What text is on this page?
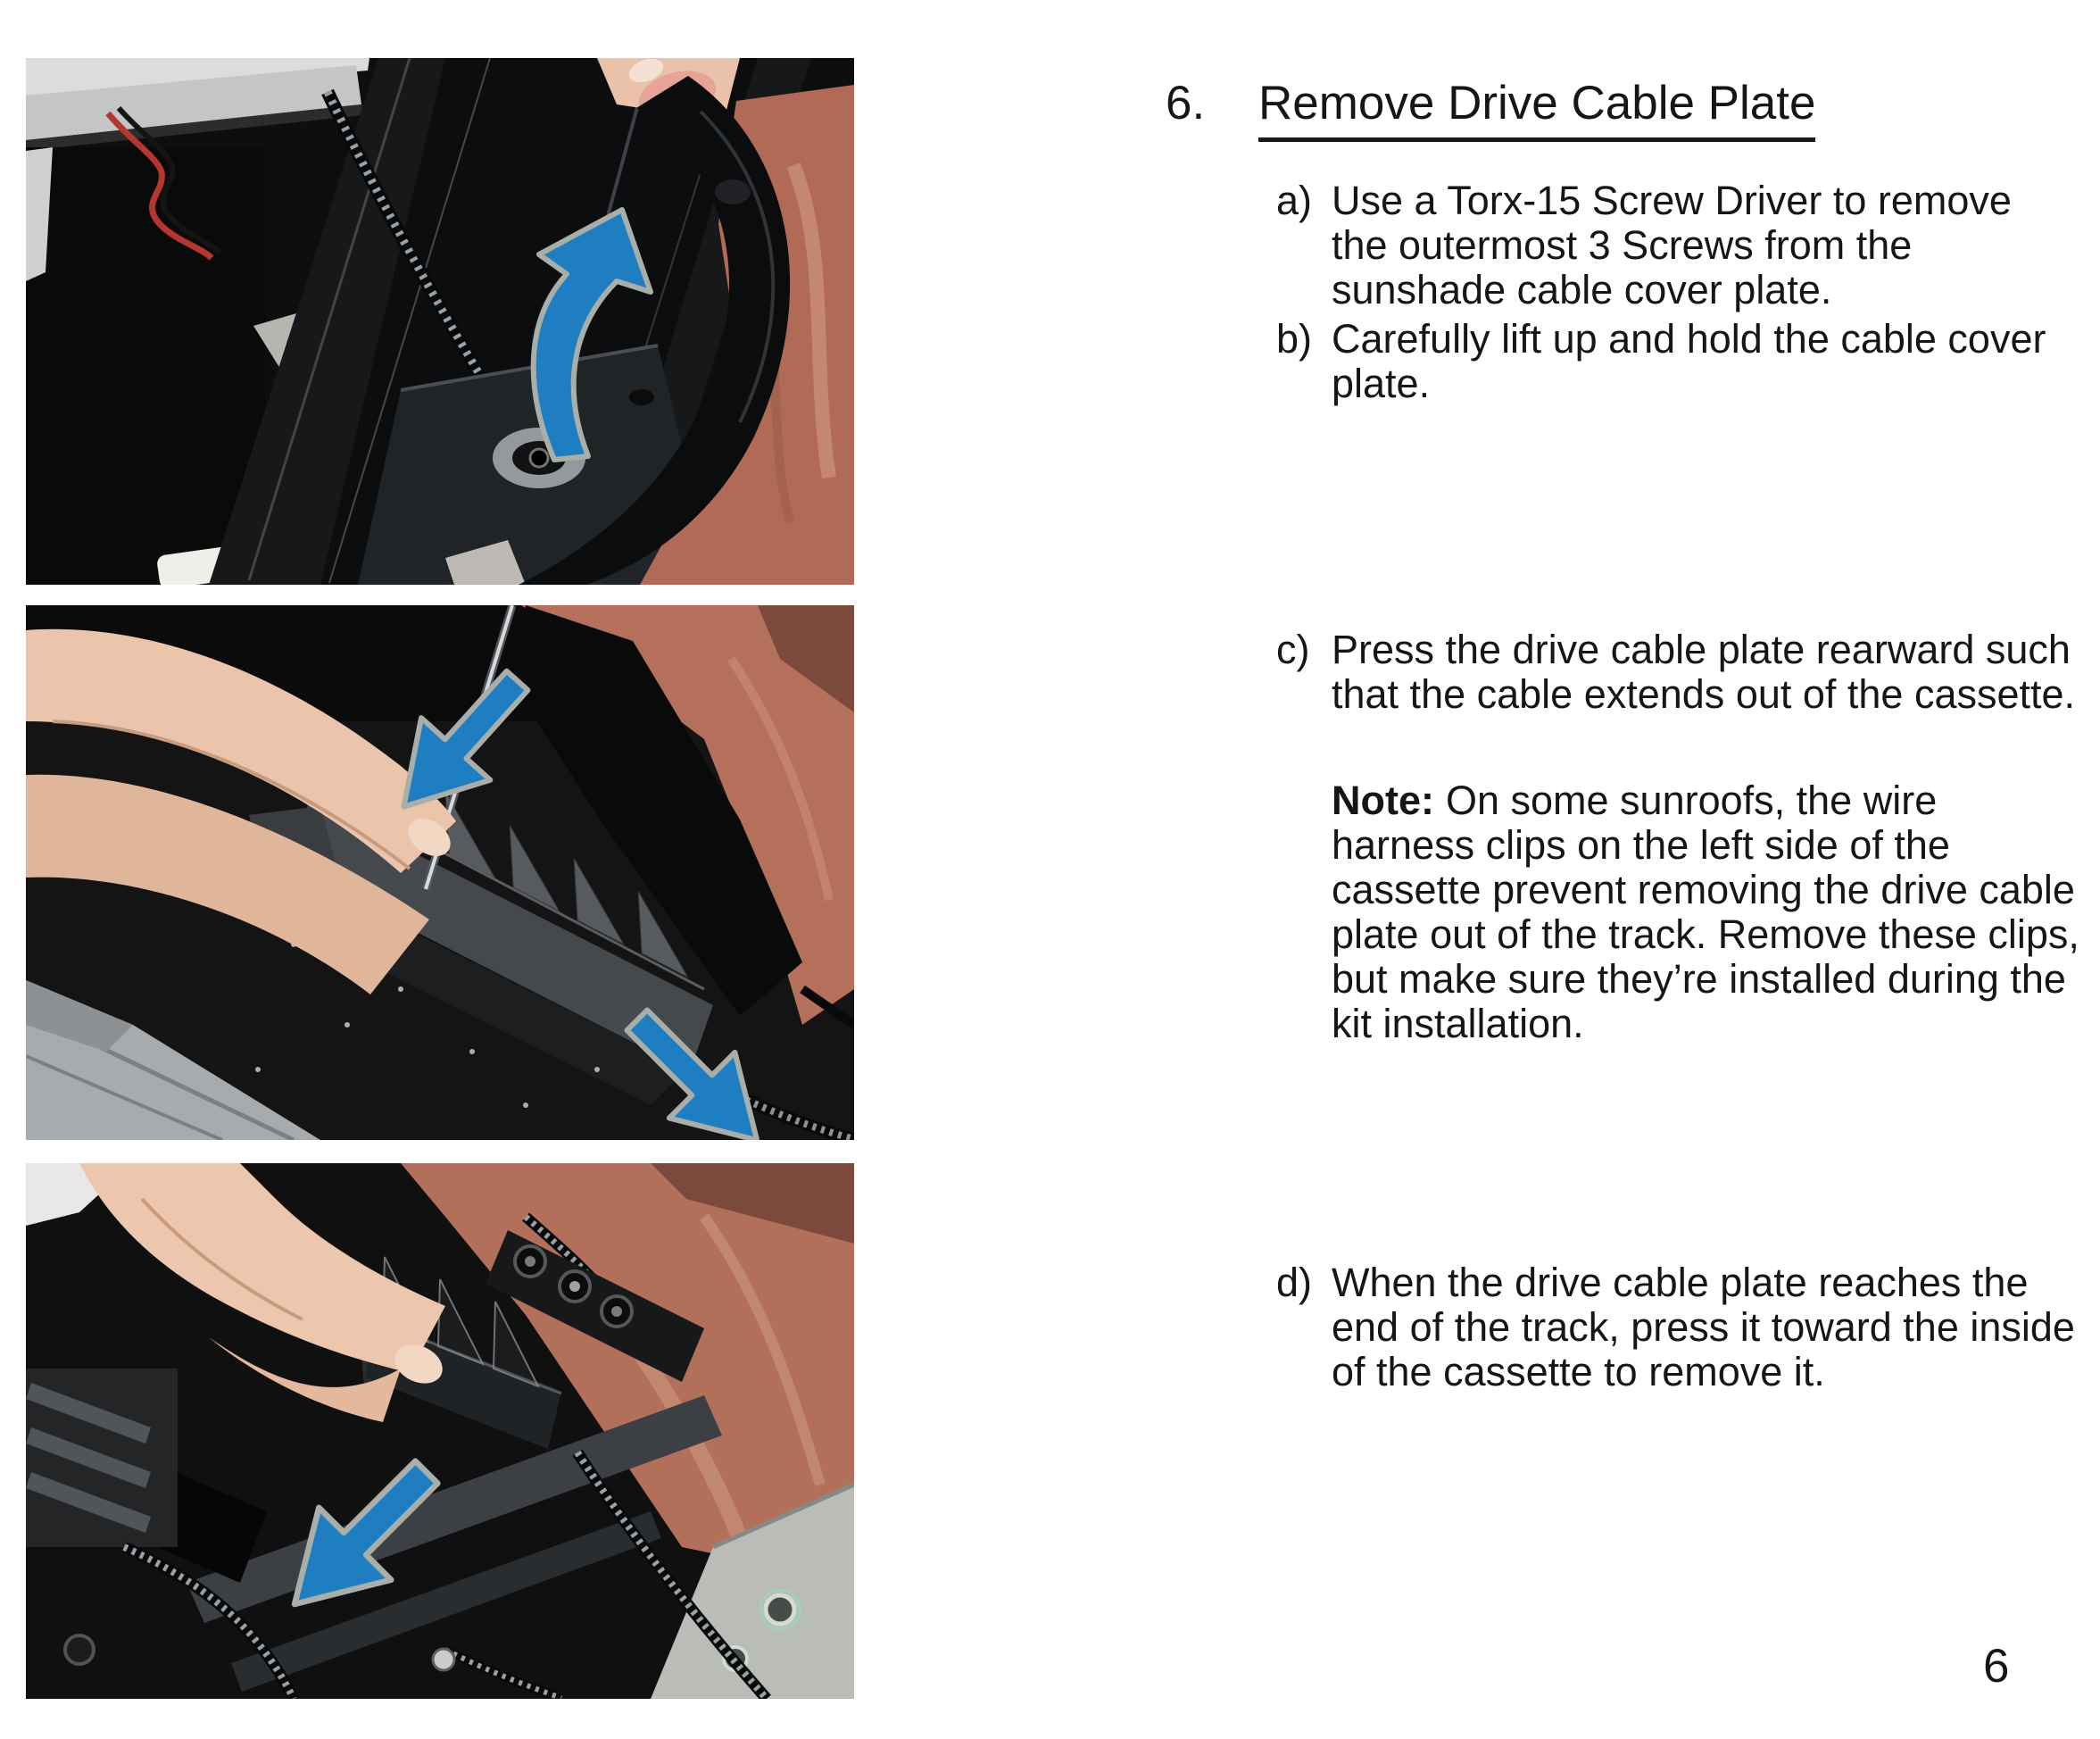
6. Remove Drive Cable Plate
a) Use a Torx-15 Screw Driver to remove
the outermost 3 Screws from the
sunshade cable cover plate.
b) Carefully lift up and hold the cable cover
plate.
c) Press the drive cable plate rearward such
that the cable extends out of the cassette.
Note: On some sunroofs, the wire
harness clips on the left side of the
cassette prevent removing the drive cable
plate out of the track. Remove these clips,
but make sure they’re installed during the
kit installation.
d) When the drive cable plate reaches the
end of the track, press it toward the inside
of the cassette to remove it.
6
